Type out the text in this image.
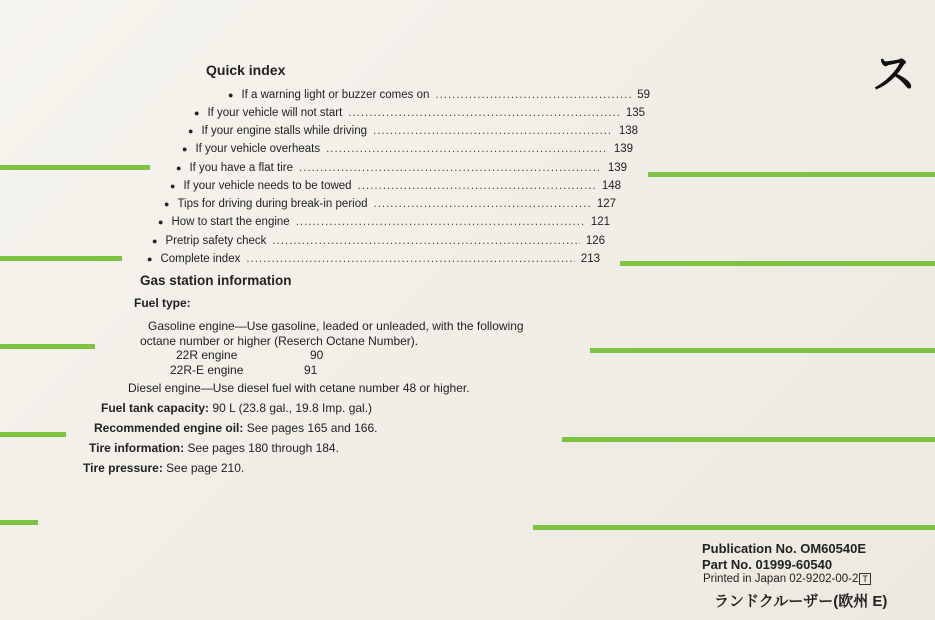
ス
Quick index
● If a warning light or buzzer comes on .....	59
● If your vehicle will not start .....	135
● If your engine stalls while driving .....	138
● If your vehicle overheats .....	139
● If you have a flat tire .....	139
● If your vehicle needs to be towed .....	148
● Tips for driving during break-in period .....	127
● How to start the engine .....	121
● Pretrip safety check .....	126
● Complete index .....	213
Gas station information
Fuel type:
Gasoline engine—Use gasoline, leaded or unleaded, with the following
octane number or higher (Reserch Octane Number).
22R engine	90
22R-E engine	91
Diesel engine—Use diesel fuel with cetane number 48 or higher.
Fuel tank capacity: 90 L (23.8 gal., 19.8 Imp. gal.)
Recommended engine oil: See pages 165 and 166.
Tire information: See pages 180 through 184.
Tire pressure: See page 210.
Publication No. OM60540E
Part No. 01999-60540
Printed in Japan 02-9202-00-2 T
ランドクルーザー(欧州 E)
